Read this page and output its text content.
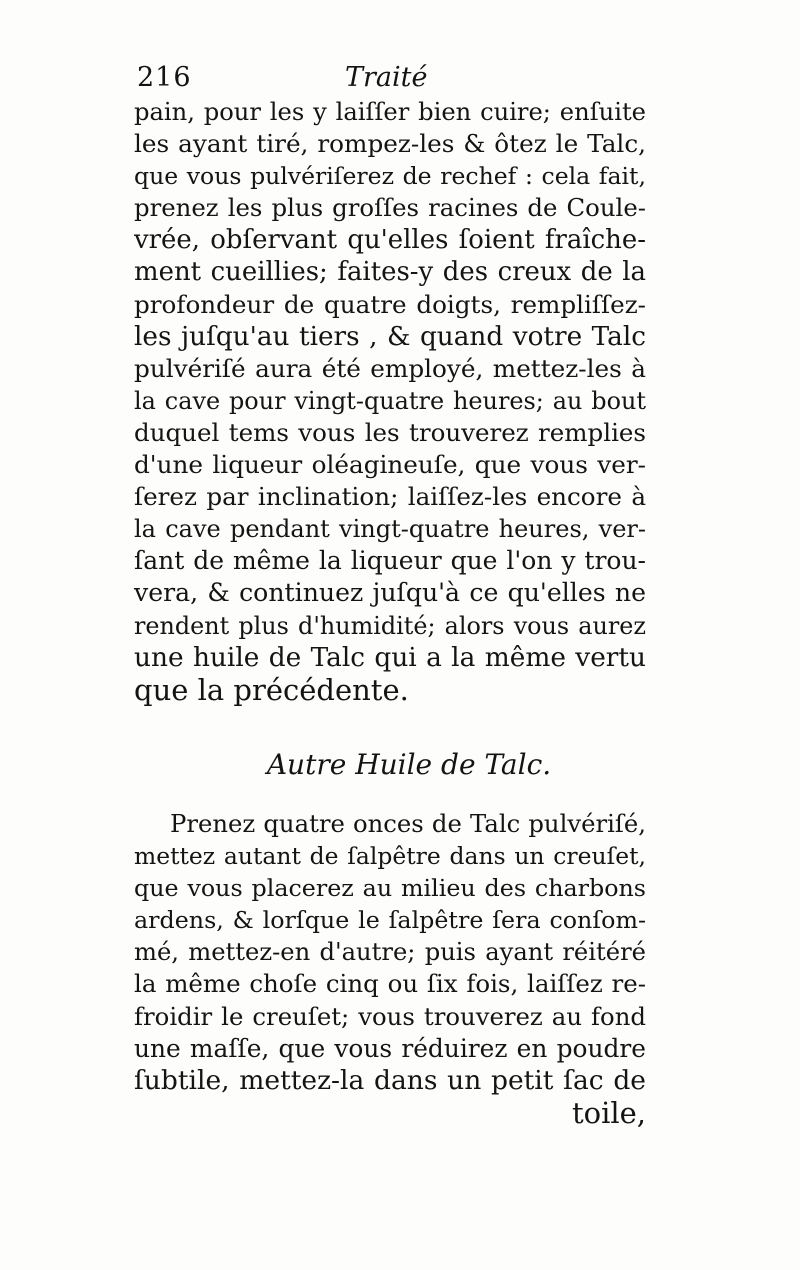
216	Traité
pain, pour les y laiſſer bien cuire; enſuite
les ayant tiré, rompez-les & ôtez le Talc,
que vous pulvériſerez de rechef : cela fait,
prenez les plus groſſes racines de Coule-
vrée, obſervant qu'elles ſoient fraîche-
ment cueillies; faites-y des creux de la
profondeur de quatre doigts, rempliſſez-
les juſqu'au tiers , & quand votre Talc
pulvériſé aura été employé, mettez-les à
la cave pour vingt-quatre heures; au bout
duquel tems vous les trouverez remplies
d'une liqueur oléagineuſe, que vous ver-
ſerez par inclination; laiſſez-les encore à
la cave pendant vingt-quatre heures, ver-
ſant de même la liqueur que l'on y trou-
vera, & continuez juſqu'à ce qu'elles ne
rendent plus d'humidité; alors vous aurez
une huile de Talc qui a la même vertu
que la précédente.
Autre Huile de Talc.
Prenez quatre onces de Talc pulvériſé,
mettez autant de ſalpêtre dans un creuſet,
que vous placerez au milieu des charbons
ardens, & lorſque le ſalpêtre ſera conſom-
mé, mettez-en d'autre; puis ayant réitéré
la même choſe cinq ou ſix fois, laiſſez re-
froidir le creuſet; vous trouverez au fond
une maſſe, que vous réduirez en poudre
ſubtile, mettez-la dans un petit ſac de
toile,
